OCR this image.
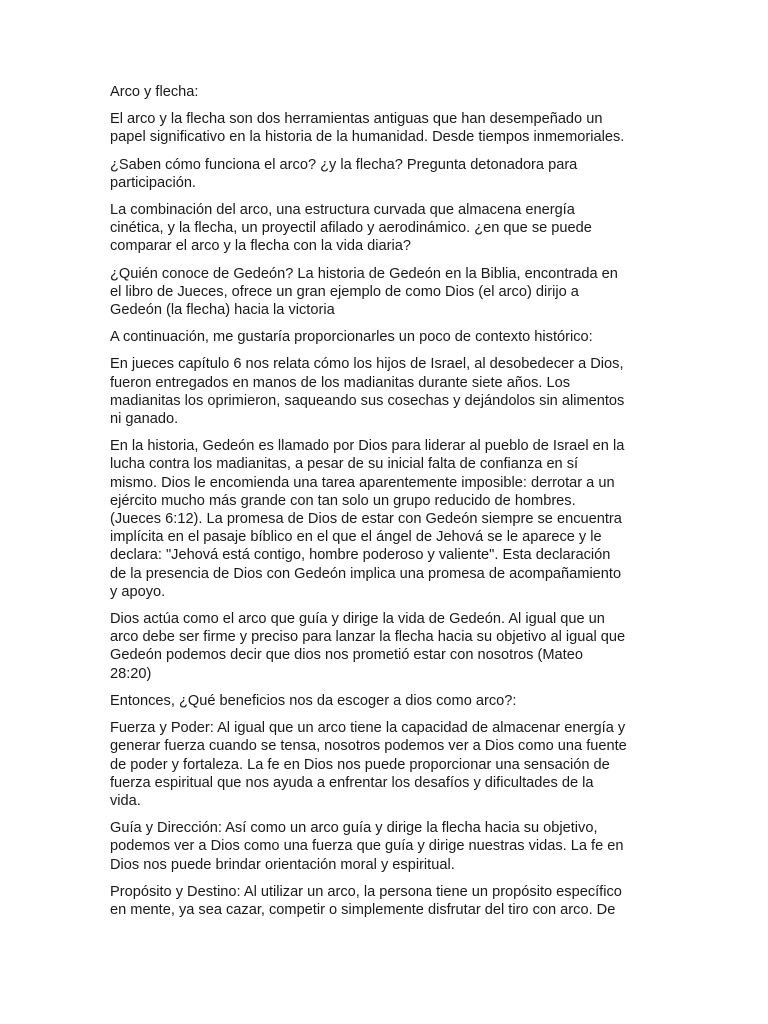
Arco y flecha:

El arco y la flecha son dos herramientas antiguas que han desempeñado un
papel significativo en la historia de la humanidad. Desde tiempos inmemoriales.

¿Saben cómo funciona el arco? ¿y la flecha? Pregunta detonadora para
participación.

La combinación del arco, una estructura curvada que almacena energía
cinética, y la flecha, un proyectil afilado y aerodinámico. ¿en que se puede
comparar el arco y la flecha con la vida diaria?

¿Quién conoce de Gedeón? La historia de Gedeón en la Biblia, encontrada en
el libro de Jueces, ofrece un gran ejemplo de como Dios (el arco) dirijo a
Gedeón (la flecha) hacia la victoria

A continuación, me gustaría proporcionarles un poco de contexto histórico:

En jueces capítulo 6 nos relata cómo los hijos de Israel, al desobedecer a Dios,
fueron entregados en manos de los madianitas durante siete años. Los
madianitas los oprimieron, saqueando sus cosechas y dejándolos sin alimentos
ni ganado.

En la historia, Gedeón es llamado por Dios para liderar al pueblo de Israel en la
lucha contra los madianitas, a pesar de su inicial falta de confianza en sí
mismo. Dios le encomienda una tarea aparentemente imposible: derrotar a un
ejército mucho más grande con tan solo un grupo reducido de hombres.
(Jueces 6:12). La promesa de Dios de estar con Gedeón siempre se encuentra
implícita en el pasaje bíblico en el que el ángel de Jehová se le aparece y le
declara: "Jehová está contigo, hombre poderoso y valiente". Esta declaración
de la presencia de Dios con Gedeón implica una promesa de acompañamiento
y apoyo.

Dios actúa como el arco que guía y dirige la vida de Gedeón. Al igual que un
arco debe ser firme y preciso para lanzar la flecha hacia su objetivo al igual que
Gedeón podemos decir que dios nos prometió estar con nosotros (Mateo
28:20)

Entonces, ¿Qué beneficios nos da escoger a dios como arco?:

Fuerza y Poder: Al igual que un arco tiene la capacidad de almacenar energía y
generar fuerza cuando se tensa, nosotros podemos ver a Dios como una fuente
de poder y fortaleza. La fe en Dios nos puede proporcionar una sensación de
fuerza espiritual que nos ayuda a enfrentar los desafíos y dificultades de la
vida.

Guía y Dirección: Así como un arco guía y dirige la flecha hacia su objetivo,
podemos ver a Dios como una fuerza que guía y dirige nuestras vidas. La fe en
Dios nos puede brindar orientación moral y espiritual.

Propósito y Destino: Al utilizar un arco, la persona tiene un propósito específico
en mente, ya sea cazar, competir o simplemente disfrutar del tiro con arco. De
